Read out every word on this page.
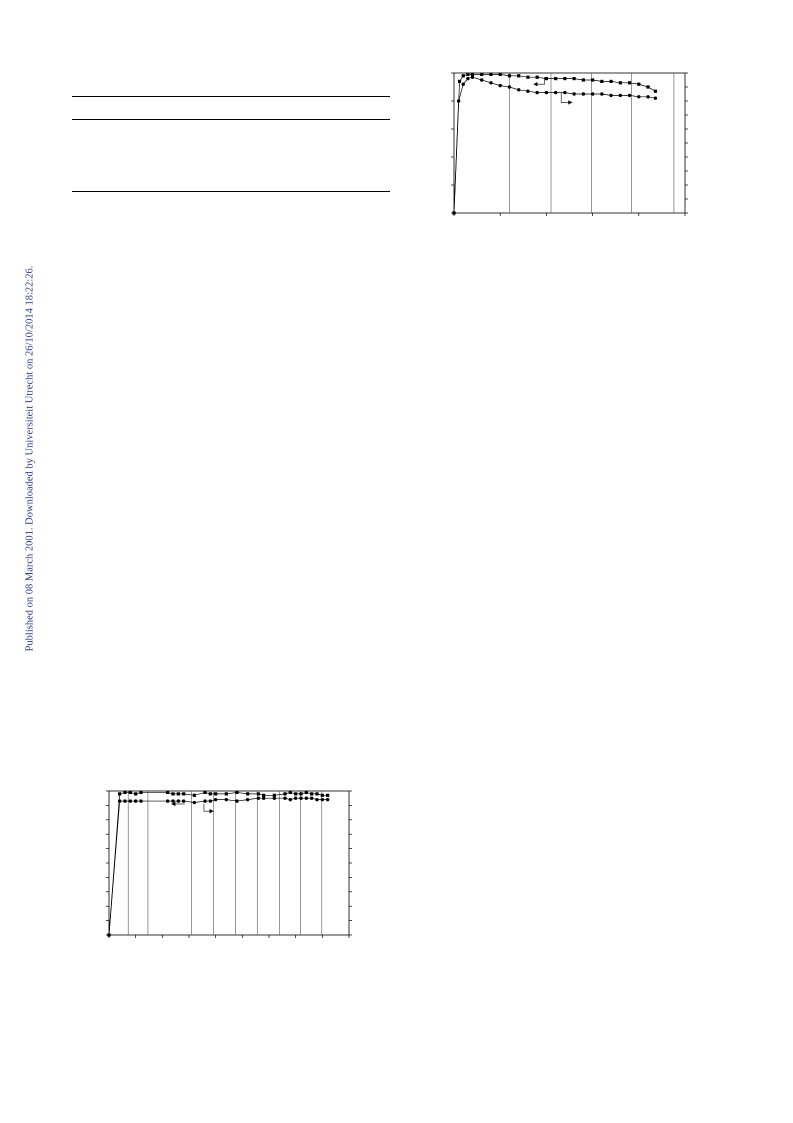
Published on 08 March 2001. Downloaded by Universiteit Utrecht on 26/10/2014 18:22:26.
